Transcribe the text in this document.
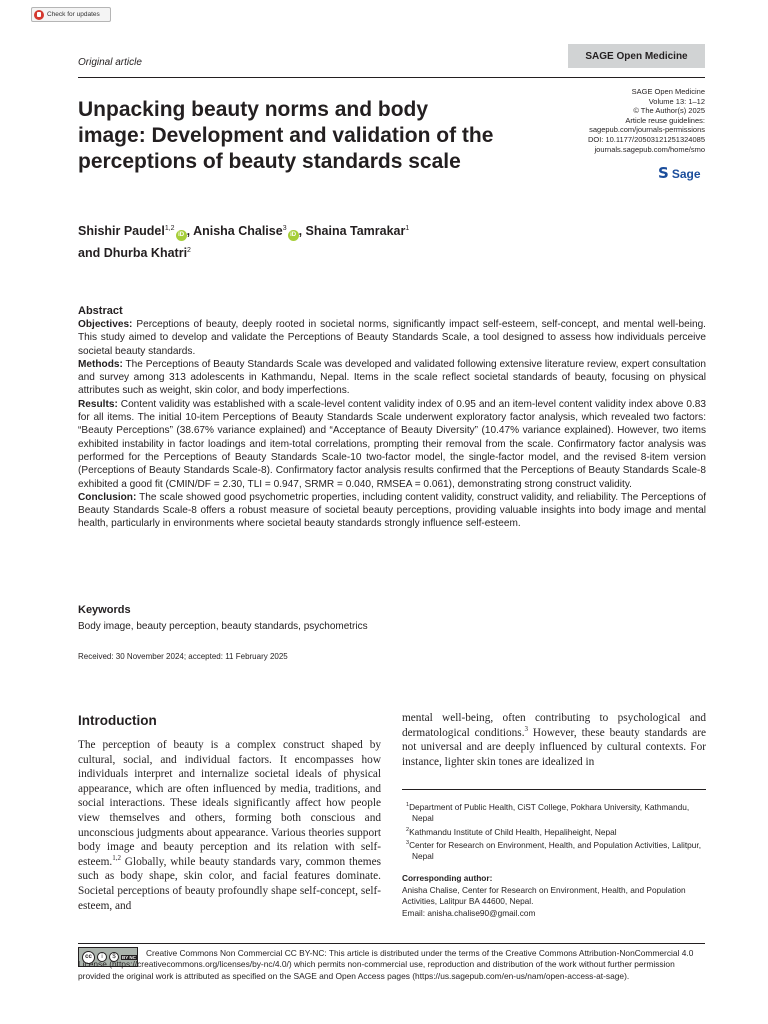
Check for updates
Original article
SAGE Open Medicine
Unpacking beauty norms and body image: Development and validation of the perceptions of beauty standards scale
SAGE Open Medicine
Volume 13: 1–12
© The Author(s) 2025
Article reuse guidelines:
sagepub.com/journals-permissions
DOI: 10.1177/20503121251324085
journals.sagepub.com/home/smo
S Sage
Shishir Paudel$^{1,2}$iD , Anisha Chalise$^3$iD , Shaina Tamrakar$^1$
and Dhurba Khatri$^2$
Abstract

Objectives: Perceptions of beauty, deeply rooted in societal norms, significantly impact self-esteem, self-concept, and mental well-being. This study aimed to develop and validate the Perceptions of Beauty Standards Scale, a tool designed to assess how individuals perceive societal beauty standards.

Methods: The Perceptions of Beauty Standards Scale was developed and validated following extensive literature review, expert consultation and survey among 313 adolescents in Kathmandu, Nepal. Items in the scale reflect societal standards of beauty, focusing on physical attributes such as weight, skin color, and body imperfections.

Results: Content validity was established with a scale-level content validity index of 0.95 and an item-level content validity index above 0.83 for all items. The initial 10-item Perceptions of Beauty Standards Scale underwent exploratory factor analysis, which revealed two factors: “Beauty Perceptions” (38.67% variance explained) and “Acceptance of Beauty Diversity” (10.47% variance explained). However, two items exhibited instability in factor loadings and item-total correlations, prompting their removal from the scale. Confirmatory factor analysis was performed for the Perceptions of Beauty Standards Scale-10 two-factor model, the single-factor model, and the revised 8-item version (Perceptions of Beauty Standards Scale-8). Confirmatory factor analysis results confirmed that the Perceptions of Beauty Standards Scale-8 exhibited a good fit (CMIN/DF = 2.30, TLI = 0.947, SRMR = 0.040, RMSEA = 0.061), demonstrating strong construct validity.

Conclusion: The scale showed good psychometric properties, including content validity, construct validity, and reliability. The Perceptions of Beauty Standards Scale-8 offers a robust measure of societal beauty perceptions, providing valuable insights into body image and mental health, particularly in environments where societal beauty standards strongly influence self-esteem.

Keywords
Body image, beauty perception, beauty standards, psychometrics
Received: 30 November 2024; accepted: 11 February 2025
Introduction
The perception of beauty is a complex construct shaped by cultural, social, and individual factors. It encompasses how individuals interpret and internalize societal ideals of physical appearance, which are often influenced by media, traditions, and social interactions. These ideals significantly affect how people view themselves and others, forming both conscious and unconscious judgments about appearance. Various theories support body image and beauty perception and its relation with self-esteem.$^{1,2}$ Globally, while beauty standards vary, common themes such as body shape, skin color, and facial features dominate. Societal perceptions of beauty profoundly shape self-concept, self-esteem, and
mental well-being, often contributing to psychological and dermatological conditions.$^3$ However, these beauty standards are not universal and are deeply influenced by cultural contexts. For instance, lighter skin tones are idealized in
$^1$Department of Public Health, CiST College, Pokhara University, Kathmandu, Nepal
$^2$Kathmandu Institute of Child Health, Hepaliheight, Nepal
$^3$Center for Research on Environment, Health, and Population Activities, Lalitpur, Nepal
Corresponding author:
Anisha Chalise, Center for Research on Environment, Health, and Population Activities, Lalitpur BA 44600, Nepal.
Email: anisha.chalise90@gmail.com
cc	i	$	BY NC	Creative Commons Non Commercial CC BY-NC: This article is distributed under the terms of the Creative Commons Attribution-NonCommercial 4.0 License (https://creativecommons.org/licenses/by-nc/4.0/) which permits non-commercial use, reproduction and distribution of the work without further permission provided the original work is attributed as specified on the SAGE and Open Access pages (https://us.sagepub.com/en-us/nam/open-access-at-sage).
